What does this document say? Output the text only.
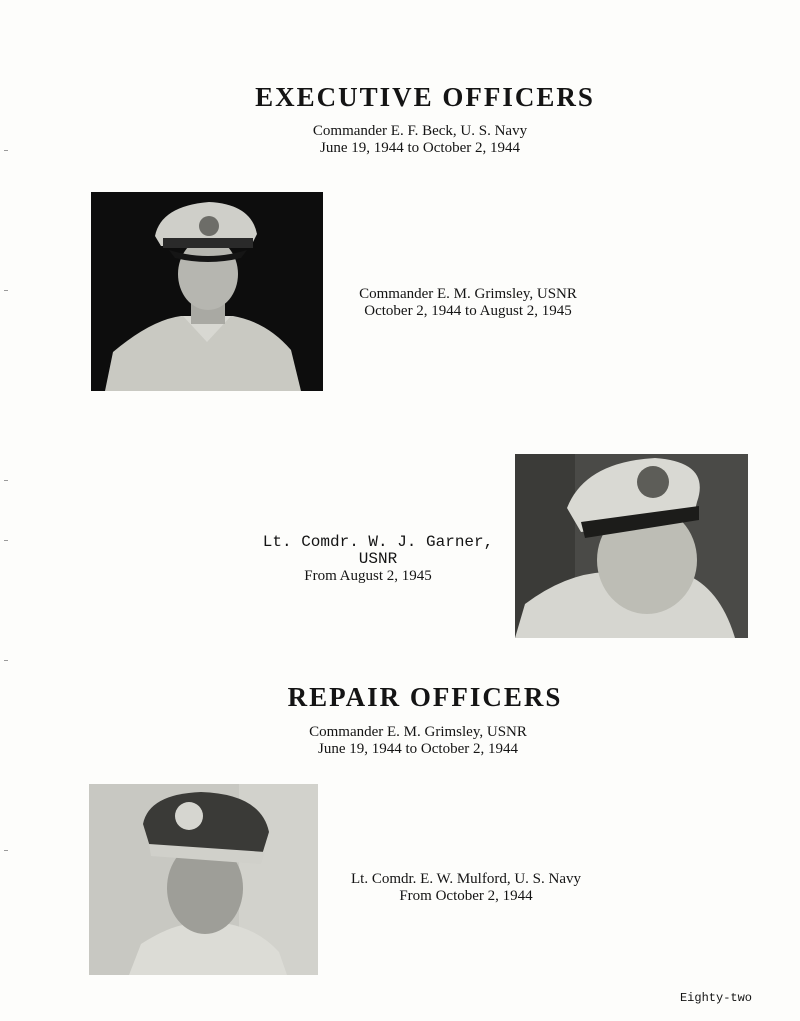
EXECUTIVE OFFICERS
Commander E. F. Beck, U. S. Navy
June 19, 1944 to October 2, 1944
Commander E. M. Grimsley, USNR
October 2, 1944 to August 2, 1945
Lt. Comdr. W. J. Garner, USNR
From August 2, 1945
REPAIR OFFICERS
Commander E. M. Grimsley, USNR
June 19, 1944 to October 2, 1944
Lt. Comdr. E. W. Mulford, U. S. Navy
From October 2, 1944
Eighty-two
